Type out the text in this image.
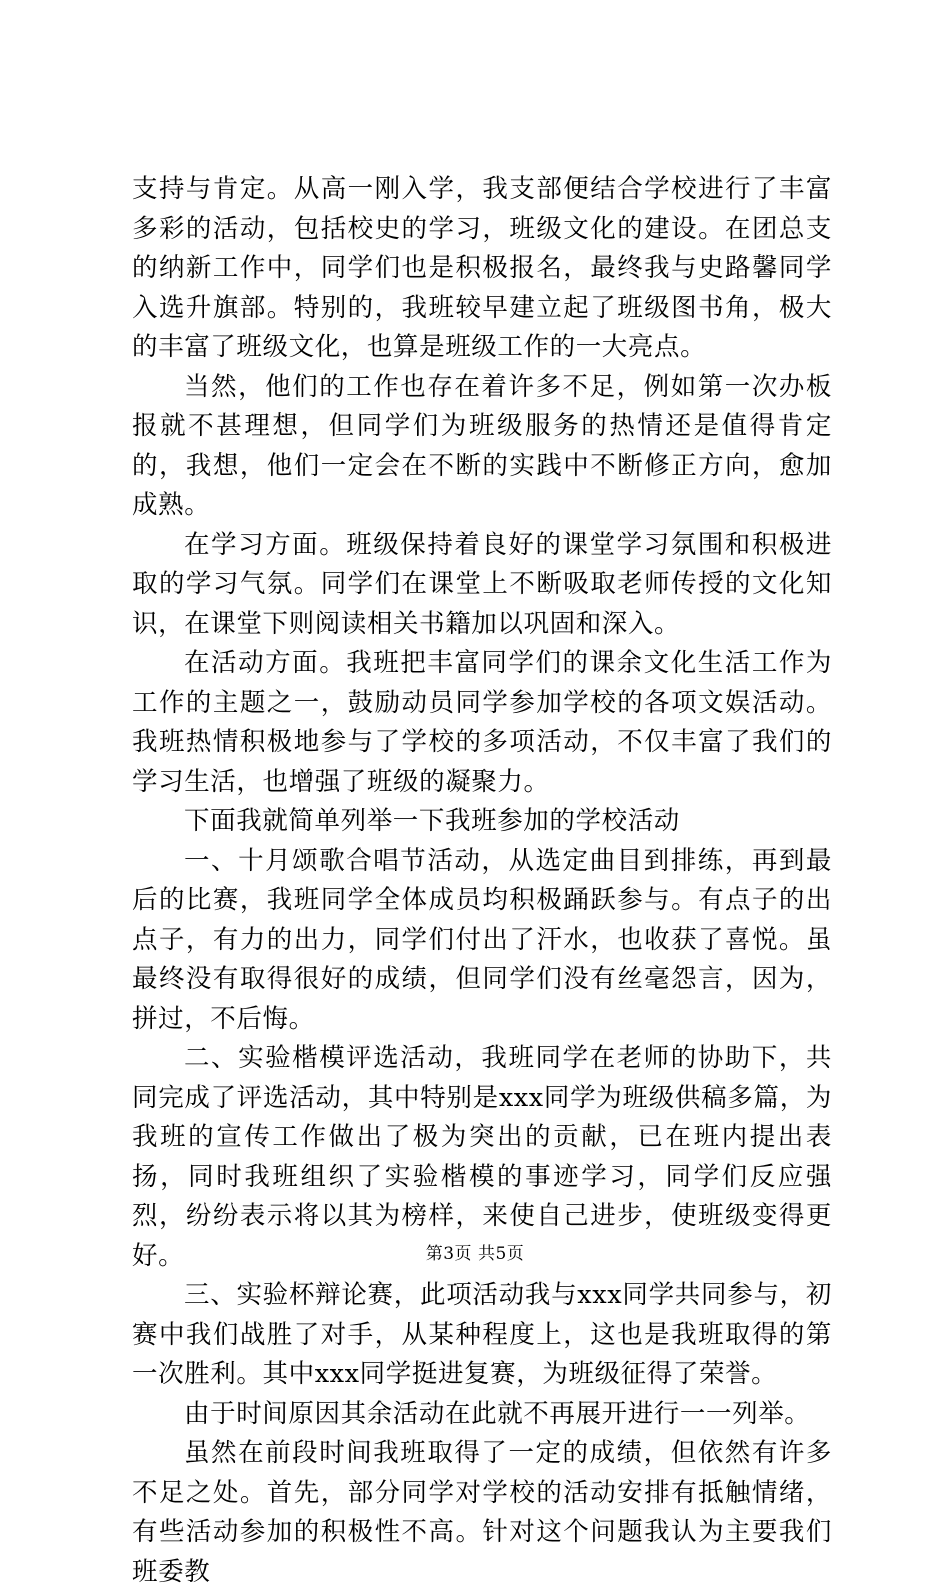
支持与肯定。从高一刚入学，我支部便结合学校进行了丰富多彩的活动，包括校史的学习，班级文化的建设。在团总支的纳新工作中，同学们也是积极报名，最终我与史路馨同学入选升旗部。特别的，我班较早建立起了班级图书角，极大的丰富了班级文化，也算是班级工作的一大亮点。

当然，他们的工作也存在着许多不足，例如第一次办板报就不甚理想，但同学们为班级服务的热情还是值得肯定的，我想，他们一定会在不断的实践中不断修正方向，愈加成熟。

在学习方面。班级保持着良好的课堂学习氛围和积极进取的学习气氛。同学们在课堂上不断吸取老师传授的文化知识，在课堂下则阅读相关书籍加以巩固和深入。

在活动方面。我班把丰富同学们的课余文化生活工作为工作的主题之一，鼓励动员同学参加学校的各项文娱活动。我班热情积极地参与了学校的多项活动，不仅丰富了我们的学习生活，也增强了班级的凝聚力。

下面我就简单列举一下我班参加的学校活动

一、十月颂歌合唱节活动，从选定曲目到排练，再到最后的比赛，我班同学全体成员均积极踊跃参与。有点子的出点子，有力的出力，同学们付出了汗水，也收获了喜悦。虽最终没有取得很好的成绩，但同学们没有丝毫怨言，因为，拼过，不后悔。

二、实验楷模评选活动，我班同学在老师的协助下，共同完成了评选活动，其中特别是xxx同学为班级供稿多篇，为我班的宣传工作做出了极为突出的贡献，已在班内提出表扬，同时我班组织了实验楷模的事迹学习，同学们反应强烈，纷纷表示将以其为榜样，来使自己进步，使班级变得更好。

三、实验杯辩论赛，此项活动我与xxx同学共同参与，初赛中我们战胜了对手，从某种程度上，这也是我班取得的第一次胜利。其中xxx同学挺进复赛，为班级征得了荣誉。

由于时间原因其余活动在此就不再展开进行一一列举。

虽然在前段时间我班取得了一定的成绩，但依然有许多不足之处。首先，部分同学对学校的活动安排有抵触情绪，有些活动参加的积极性不高。针对这个问题我认为主要我们班委教

第3页 共5页
